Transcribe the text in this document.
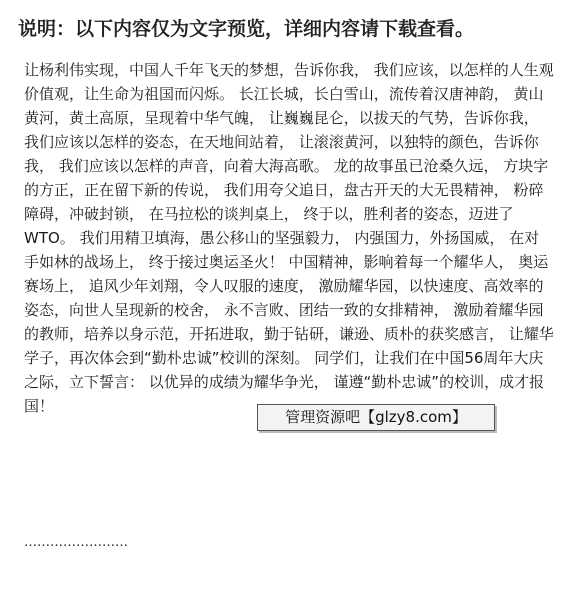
说明：以下内容仅为文字预览，详细内容请下载查看。

让杨利伟实现，中国人千年飞天的梦想，告诉你我， 我们应该，以怎样的人生观价值观，让生命为祖国而闪烁。 长江长城，长白雪山，流传着汉唐神韵， 黄山黄河，黄土高原，呈现着中华气魄， 让巍巍昆仑，以拔天的气势，告诉你我， 我们应该以怎样的姿态，在天地间站着， 让滚滚黄河，以独特的颜色，告诉你我， 我们应该以怎样的声音，向着大海高歌。 龙的故事虽已沧桑久远， 方块字的方正，正在留下新的传说， 我们用夸父追日，盘古开天的大无畏精神， 粉碎障碍，冲破封锁， 在马拉松的谈判桌上， 终于以，胜利者的姿态，迈进了WTO。 我们用精卫填海，愚公移山的坚强毅力， 内强国力，外扬国威， 在对手如林的战场上， 终于接过奥运圣火！ 中国精神，影响着每一个耀华人， 奥运赛场上， 追风少年刘翔，令人叹服的速度， 激励耀华园，以快速度、高效率的姿态，向世人呈现新的校舍， 永不言败、团结一致的女排精神， 激励着耀华园的教师，培养以身示范，开拓进取，勤于钻研，谦逊、质朴的获奖感言， 让耀华学子，再次体会到“勤朴忠诚”校训的深刻。 同学们，让我们在中国56周年大庆之际，立下誓言： 以优异的成绩为耀华争光， 谨遵“勤朴忠诚”的校训，成才报国！

……………………
管理资源吧【glzy8.com】
